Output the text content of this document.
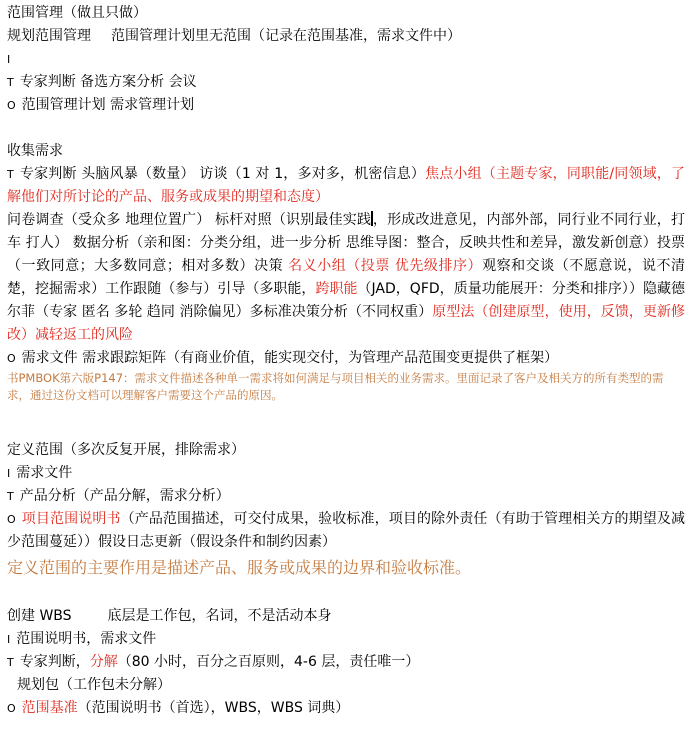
范围管理（做且只做）
规划范围管理 范围管理计划里无范围（记录在范围基准，需求文件中）
I
T 专家判断 备选方案分析 会议
O 范围管理计划 需求管理计划
收集需求
T 专家判断 头脑风暴（数量） 访谈（1 对 1，多对多，机密信息）焦点小组（主题专家，同职能/同领域，了解他们对所讨论的产品、服务或成果的期望和态度）
问卷调查（受众多 地理位置广） 标杆对照（识别最佳实践 ，形成改进意见，内部外部，同行业不同行业，打车 打人） 数据分析（亲和图：分类分组，进一步分析 思维导图：整合，反映共性和差异，激发新创意）投票（一致同意；大多数同意；相对多数）决策 名义小组（投票 优先级排序）观察和交谈（不愿意说，说不清楚，挖掘需求）工作跟随（参与）引导（多职能，跨职能（JAD，QFD，质量功能展开：分类和排序））隐藏德尔菲（专家 匿名 多轮 趋同 消除偏见）多标准决策分析（不同权重）原型法（创建原型，使用，反馈，更新修改）减轻返工的风险
O 需求文件 需求跟踪矩阵（有商业价值，能实现交付，为管理产品范围变更提供了框架）
书PMBOK第六版P147：需求文件描述各种单一需求将如何满足与项目相关的业务需求。里面记录了客户及相关方的所有类型的需求，通过这份文档可以理解客户需要这个产品的原因。
定义范围（多次反复开展，排除需求）
I 需求文件
T 产品分析（产品分解，需求分析）
O 项目范围说明书（产品范围描述，可交付成果，验收标准，项目的除外责任（有助于管理相关方的期望及减少范围蔓延））假设日志更新（假设条件和制约因素）
定义范围的主要作用是描述产品、服务或成果的边界和验收标准。
创建 WBS	底层是工作包，名词，不是活动本身
I 范围说明书，需求文件
T 专家判断，分解（80 小时，百分之百原则，4-6 层，责任唯一）
规划包（工作包未分解）
O 范围基准（范围说明书（首选），WBS，WBS 词典）
